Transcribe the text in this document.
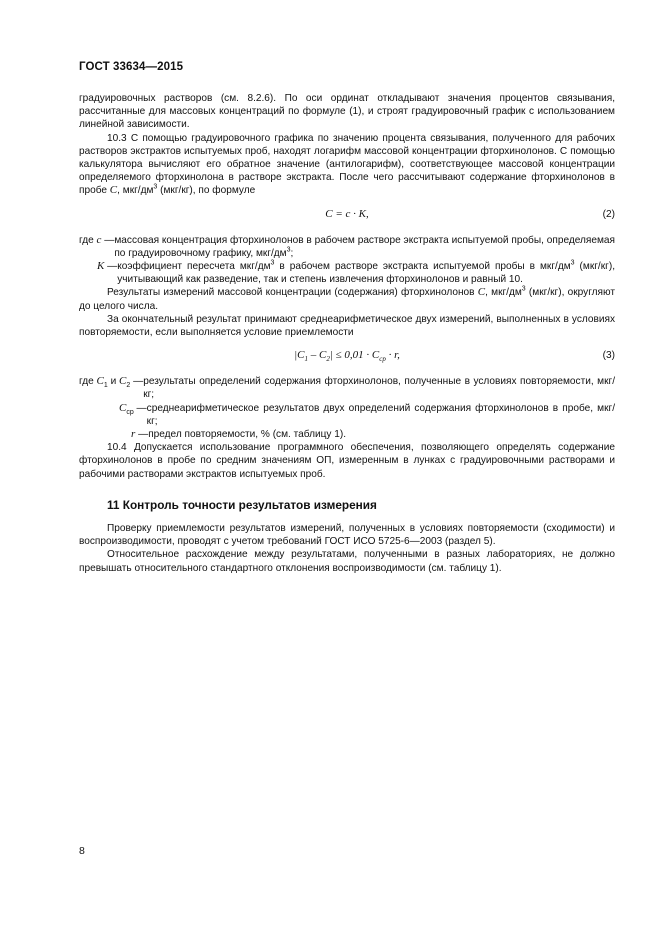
ГОСТ 33634—2015

градуировочных растворов (см. 8.2.6). По оси ординат откладывают значения процентов связывания, рассчитанные для массовых концентраций по формуле (1), и строят градуировочный график с использованием линейной зависимости.

10.3 С помощью градуировочного графика по значению процента связывания, полученного для рабочих растворов экстрактов испытуемых проб, находят логарифм массовой концентрации фторхинолонов. С помощью калькулятора вычисляют его обратное значение (антилогарифм), соответствующее массовой концентрации определяемого фторхинолона в растворе экстракта. После чего рассчитывают содержание фторхинолонов в пробе C, мкг/$дм^3$ (мкг/кг), по формуле

C = c · K,	(2)
где c — массовая концентрация фторхинолонов в рабочем растворе экстракта испытуемой пробы, определяемая по градуировочному графику, мкг/$дм^3$;
K — коэффициент пересчета мкг/$дм^3$ в рабочем растворе экстракта испытуемой пробы в мкг/$дм^3$ (мкг/кг), учитывающий как разведение, так и степень извлечения фторхинолонов и равный 10.

Результаты измерений массовой концентрации (содержания) фторхинолонов C, мкг/$дм^3$ (мкг/кг), округляют до целого числа.

За окончательный результат принимают среднеарифметическое двух измерений, выполненных в условиях повторяемости, если выполняется условие приемлемости

$|C_1 - C_2| \le 0,01 \cdot C_{ср} \cdot r$,	(3)
где $C_1$ и $C_2$ — результаты определений содержания фторхинолонов, полученные в условиях повторяемости, мкг/кг;
$C_{ср}$ — среднеарифметическое результатов двух определений содержания фторхинолонов в пробе, мкг/кг;
r — предел повторяемости, % (см. таблицу 1).

10.4 Допускается использование программного обеспечения, позволяющего определять содержание фторхинолонов в пробе по средним значениям ОП, измеренным в лунках с градуировочными растворами и рабочими растворами экстрактов испытуемых проб.

11 Контроль точности результатов измерения

Проверку приемлемости результатов измерений, полученных в условиях повторяемости (сходимости) и воспроизводимости, проводят с учетом требований ГОСТ ИСО 5725-6—2003 (раздел 5).

Относительное расхождение между результатами, полученными в разных лабораториях, не должно превышать относительного стандартного отклонения воспроизводимости (см. таблицу 1).

8
